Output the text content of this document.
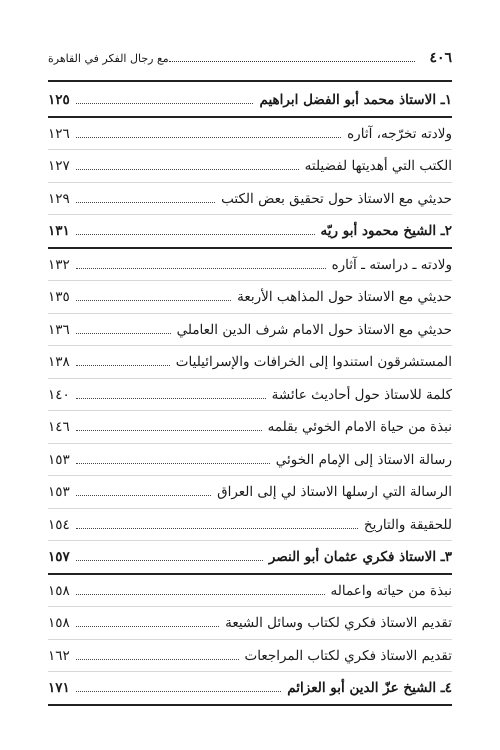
٤٠٦
مع رجال الفكر في القاهرة
١ـ الاستاذ محمد أبو الفضل ابراهيم
١٢٥
ولادته تخرّجه، آثاره
١٢٦
الكتب التي أهديتها لفضيلته
١٢٧
حديثي مع الاستاذ حول تحقيق بعض الكتب
١٢٩
٢ـ الشيخ محمود أبو ريّه
١٣١
ولادته ـ دراسته ـ آثاره
١٣٢
حديثي مع الاستاذ حول المذاهب الأربعة
١٣٥
حديثي مع الاستاذ حول الامام شرف الدين العاملي
١٣٦
المستشرقون استندوا إلى الخرافات والإسرائيليات
١٣٨
كلمة للاستاذ حول أحاديث عائشة
١٤٠
نبذة من حياة الامام الخوئي بقلمه
١٤٦
رسالة الاستاذ إلى الإمام الخوئي
١٥٣
الرسالة التي ارسلها الاستاذ لي إلى العراق
١٥٣
للحقيقة والتاريخ
١٥٤
٣ـ الاستاذ فكري عثمان أبو النصر
١٥٧
نبذة من حياته واعماله
١٥٨
تقديم الاستاذ فكري لكتاب وسائل الشيعة
١٥٨
تقديم الاستاذ فكري لكتاب المراجعات
١٦٢
٤ـ الشيخ عزّ الدين أبو العزائم
١٧١
